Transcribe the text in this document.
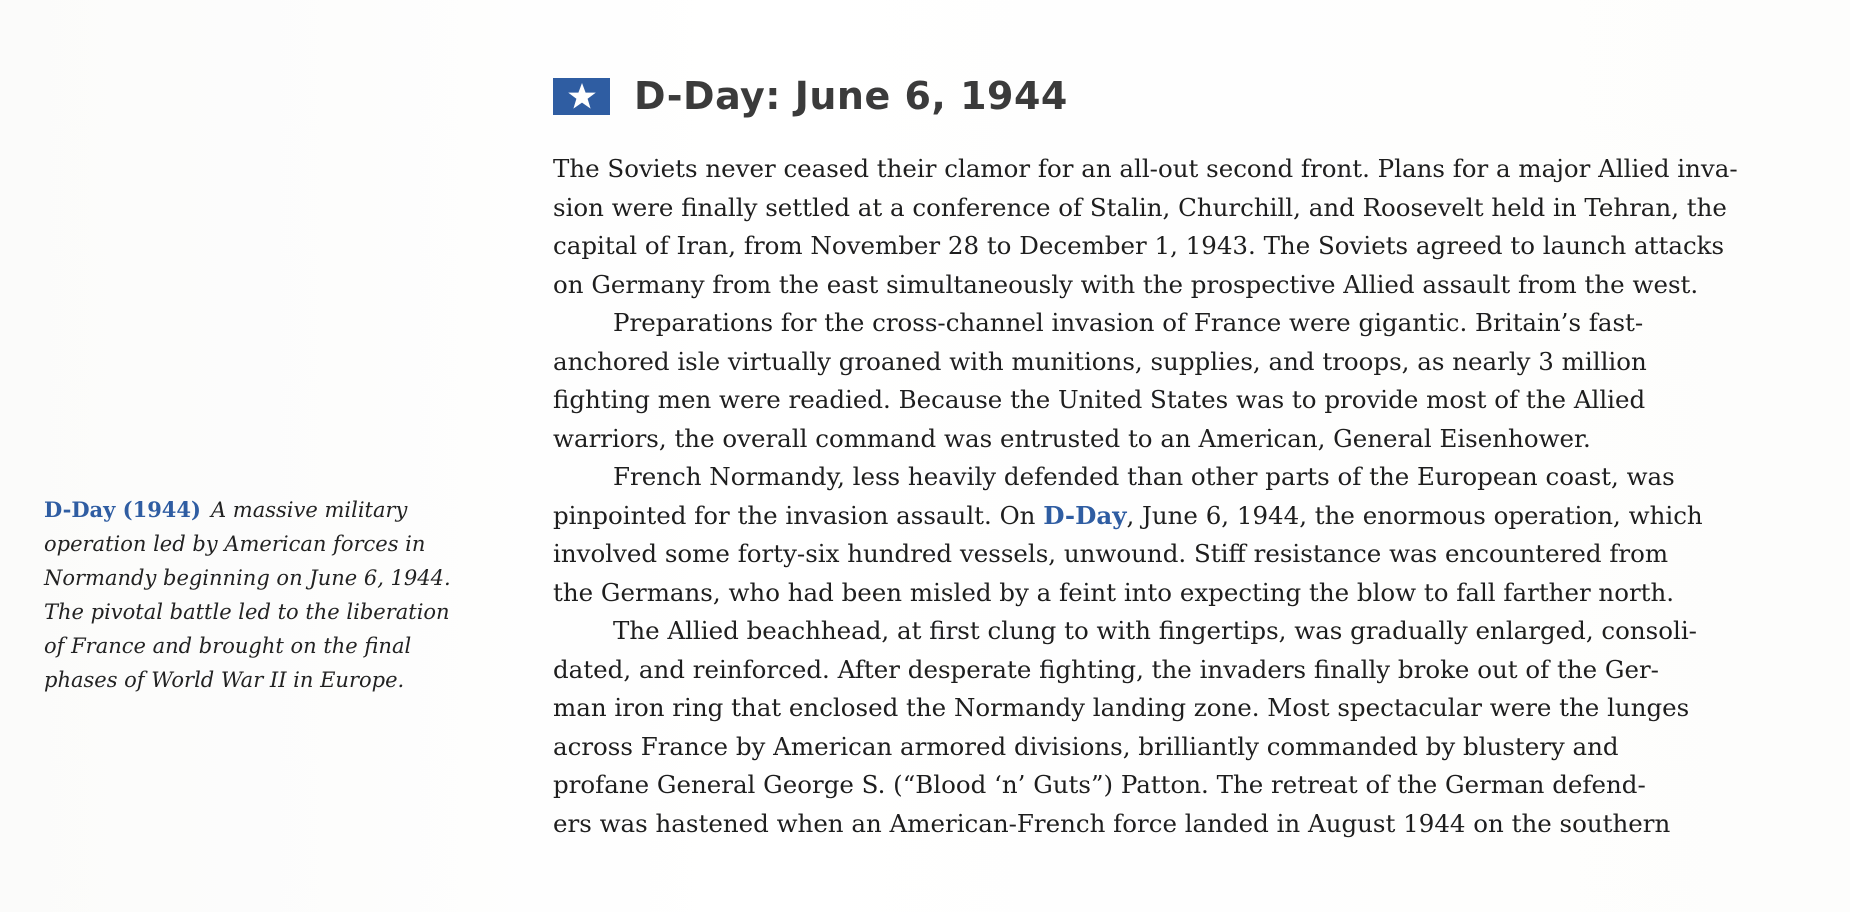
D-Day: June 6, 1944
The Soviets never ceased their clamor for an all-out second front. Plans for a major Allied inva-
sion were finally settled at a conference of Stalin, Churchill, and Roosevelt held in Tehran, the
capital of Iran, from November 28 to December 1, 1943. The Soviets agreed to launch attacks
on Germany from the east simultaneously with the prospective Allied assault from the west.
Preparations for the cross-channel invasion of France were gigantic. Britain’s fast-
anchored isle virtually groaned with munitions, supplies, and troops, as nearly 3 million
fighting men were readied. Because the United States was to provide most of the Allied
warriors, the overall command was entrusted to an American, General Eisenhower.
French Normandy, less heavily defended than other parts of the European coast, was
pinpointed for the invasion assault. On D-Day, June 6, 1944, the enormous operation, which
involved some forty-six hundred vessels, unwound. Stiff resistance was encountered from
the Germans, who had been misled by a feint into expecting the blow to fall farther north.
The Allied beachhead, at first clung to with fingertips, was gradually enlarged, consoli-
dated, and reinforced. After desperate fighting, the invaders finally broke out of the Ger-
man iron ring that enclosed the Normandy landing zone. Most spectacular were the lunges
across France by American armored divisions, brilliantly commanded by blustery and
profane General George S. (“Blood ‘n’ Guts”) Patton. The retreat of the German defend-
ers was hastened when an American-French force landed in August 1944 on the southern
D-Day (1944) A massive military
operation led by American forces in
Normandy beginning on June 6, 1944.
The pivotal battle led to the liberation
of France and brought on the final
phases of World War II in Europe.
